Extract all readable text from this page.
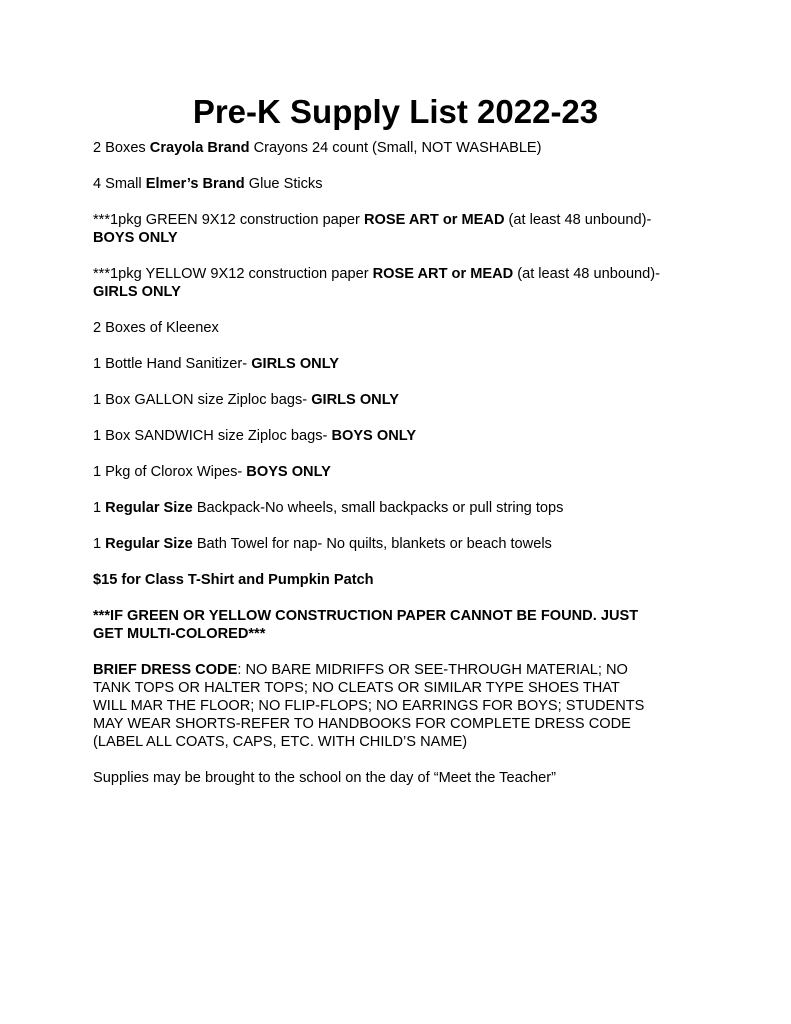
Pre-K Supply List 2022-23
2 Boxes Crayola Brand Crayons 24 count (Small, NOT WASHABLE)
4 Small Elmer’s Brand Glue Sticks
***1pkg GREEN 9X12 construction paper ROSE ART or MEAD (at least 48 unbound)-
BOYS ONLY
***1pkg YELLOW 9X12 construction paper ROSE ART or MEAD (at least 48 unbound)-
GIRLS ONLY
2 Boxes of Kleenex
1 Bottle Hand Sanitizer- GIRLS ONLY
1 Box GALLON size Ziploc bags- GIRLS ONLY
1 Box SANDWICH size Ziploc bags- BOYS ONLY
1 Pkg of Clorox Wipes- BOYS ONLY
1 Regular Size Backpack-No wheels, small backpacks or pull string tops
1 Regular Size Bath Towel for nap- No quilts, blankets or beach towels
$15 for Class T-Shirt and Pumpkin Patch
***IF GREEN OR YELLOW CONSTRUCTION PAPER CANNOT BE FOUND. JUST
GET MULTI-COLORED***
BRIEF DRESS CODE: NO BARE MIDRIFFS OR SEE-THROUGH MATERIAL; NO
TANK TOPS OR HALTER TOPS; NO CLEATS OR SIMILAR TYPE SHOES THAT
WILL MAR THE FLOOR; NO FLIP-FLOPS; NO EARRINGS FOR BOYS; STUDENTS
MAY WEAR SHORTS-REFER TO HANDBOOKS FOR COMPLETE DRESS CODE
(LABEL ALL COATS, CAPS, ETC. WITH CHILD’S NAME)
Supplies may be brought to the school on the day of “Meet the Teacher”
